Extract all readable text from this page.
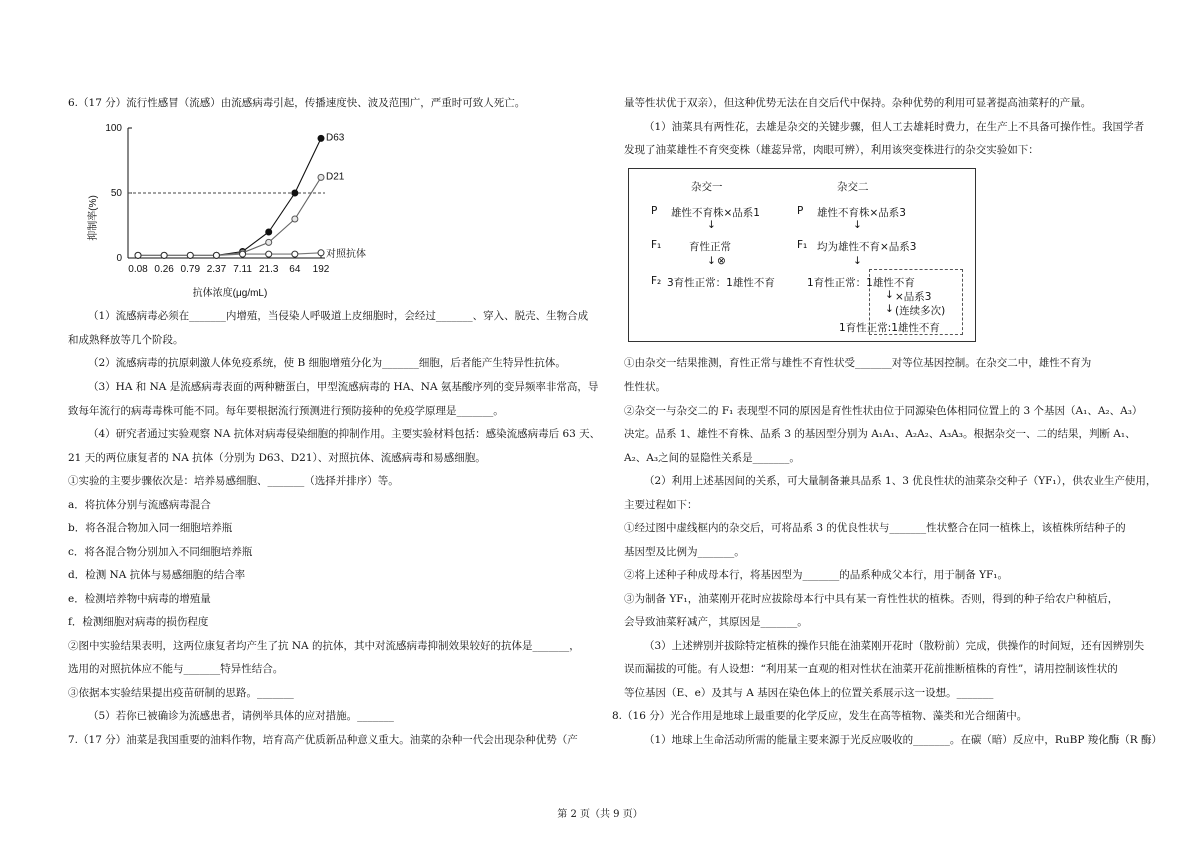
6.（17 分）流行性感冒（流感）由流感病毒引起，传播速度快、波及范围广，严重时可致人死亡。
（1）流感病毒必须在_______内增殖，当侵染人呼吸道上皮细胞时，会经过_______、穿入、脱壳、生物合成
和成熟释放等几个阶段。
（2）流感病毒的抗原刺激人体免疫系统，使 B 细胞增殖分化为_______细胞，后者能产生特异性抗体。
（3）HA 和 NA 是流感病毒表面的两种糖蛋白，甲型流感病毒的 HA、NA 氨基酸序列的变异频率非常高，导
致每年流行的病毒毒株可能不同。每年要根据流行预测进行预防接种的免疫学原理是_______。
（4）研究者通过实验观察 NA 抗体对病毒侵染细胞的抑制作用。主要实验材料包括：感染流感病毒后 63 天、
21 天的两位康复者的 NA 抗体（分别为 D63、D21）、对照抗体、流感病毒和易感细胞。
①实验的主要步骤依次是：培养易感细胞、_______（选择并排序）等。
a．将抗体分别与流感病毒混合
b．将各混合物加入同一细胞培养瓶
c．将各混合物分别加入不同细胞培养瓶
d．检测 NA 抗体与易感细胞的结合率
e．检测培养物中病毒的增殖量
f．检测细胞对病毒的损伤程度
②图中实验结果表明，这两位康复者均产生了抗 NA 的抗体，其中对流感病毒抑制效果较好的抗体是_______，
选用的对照抗体应不能与_______特异性结合。
③依据本实验结果提出疫苗研制的思路。_______
（5）若你已被确诊为流感患者，请例举具体的应对措施。_______
7.（17 分）油菜是我国重要的油料作物，培育高产优质新品种意义重大。油菜的杂种一代会出现杂种优势（产
0
50
100
0.08 0.26 0.79 2.37 7.11 21.3 64 192
D63
D21
对照抗体
抑制率(%)
抗体浓度(μg/mL)
量等性状优于双亲），但这种优势无法在自交后代中保持。杂种优势的利用可显著提高油菜籽的产量。
（1）油菜具有两性花，去雄是杂交的关键步骤，但人工去雄耗时费力，在生产上不具备可操作性。我国学者
发现了油菜雄性不育突变株（雄蕊异常，肉眼可辨），利用该突变株进行的杂交实验如下：
①由杂交一结果推测，育性正常与雄性不育性状受_______对等位基因控制。在杂交二中，雄性不育为
性性状。
②杂交一与杂交二的 F₁ 表现型不同的原因是育性性状由位于同源染色体相同位置上的 3 个基因（A₁、A₂、A₃）
决定。品系 1、雄性不育株、品系 3 的基因型分别为 A₁A₁、A₂A₂、A₃A₃。根据杂交一、二的结果，判断 A₁、
A₂、A₃之间的显隐性关系是_______。
（2）利用上述基因间的关系，可大量制备兼具品系 1、3 优良性状的油菜杂交种子（YF₁），供农业生产使用，
主要过程如下：
①经过图中虚线框内的杂交后，可将品系 3 的优良性状与_______性状整合在同一植株上，该植株所结种子的
基因型及比例为_______。
②将上述种子种成母本行，将基因型为_______的品系种成父本行，用于制备 YF₁。
③为制备 YF₁，油菜刚开花时应拔除母本行中具有某一育性性状的植株。否则，得到的种子给农户种植后，
会导致油菜籽减产，其原因是_______。
（3）上述辨别并拔除特定植株的操作只能在油菜刚开花时（散粉前）完成，供操作的时间短，还有因辨别失
误而漏拔的可能。有人设想：“利用某一直观的相对性状在油菜开花前推断植株的育性”，请用控制该性状的
等位基因（E、e）及其与 A 基因在染色体上的位置关系展示这一设想。_______
8.（16 分）光合作用是地球上最重要的化学反应，发生在高等植物、藻类和光合细菌中。
（1）地球上生命活动所需的能量主要来源于光反应吸收的_______。在碳（暗）反应中，RuBP 羧化酶（R 酶）
杂交一	杂交二
P 雄性不育株×品系1	P 雄性不育株×品系3
↓	↓
F₁	育性正常	F₁ 均为雄性不育×品系3
↓ ⊗	↓
F₂ 3育性正常：1雄性不育	1育性正常：1雄性不育
↓ ×品系3
↓ (连续多次)
1育性正常:1雄性不育
第 2 页（共 9 页）
